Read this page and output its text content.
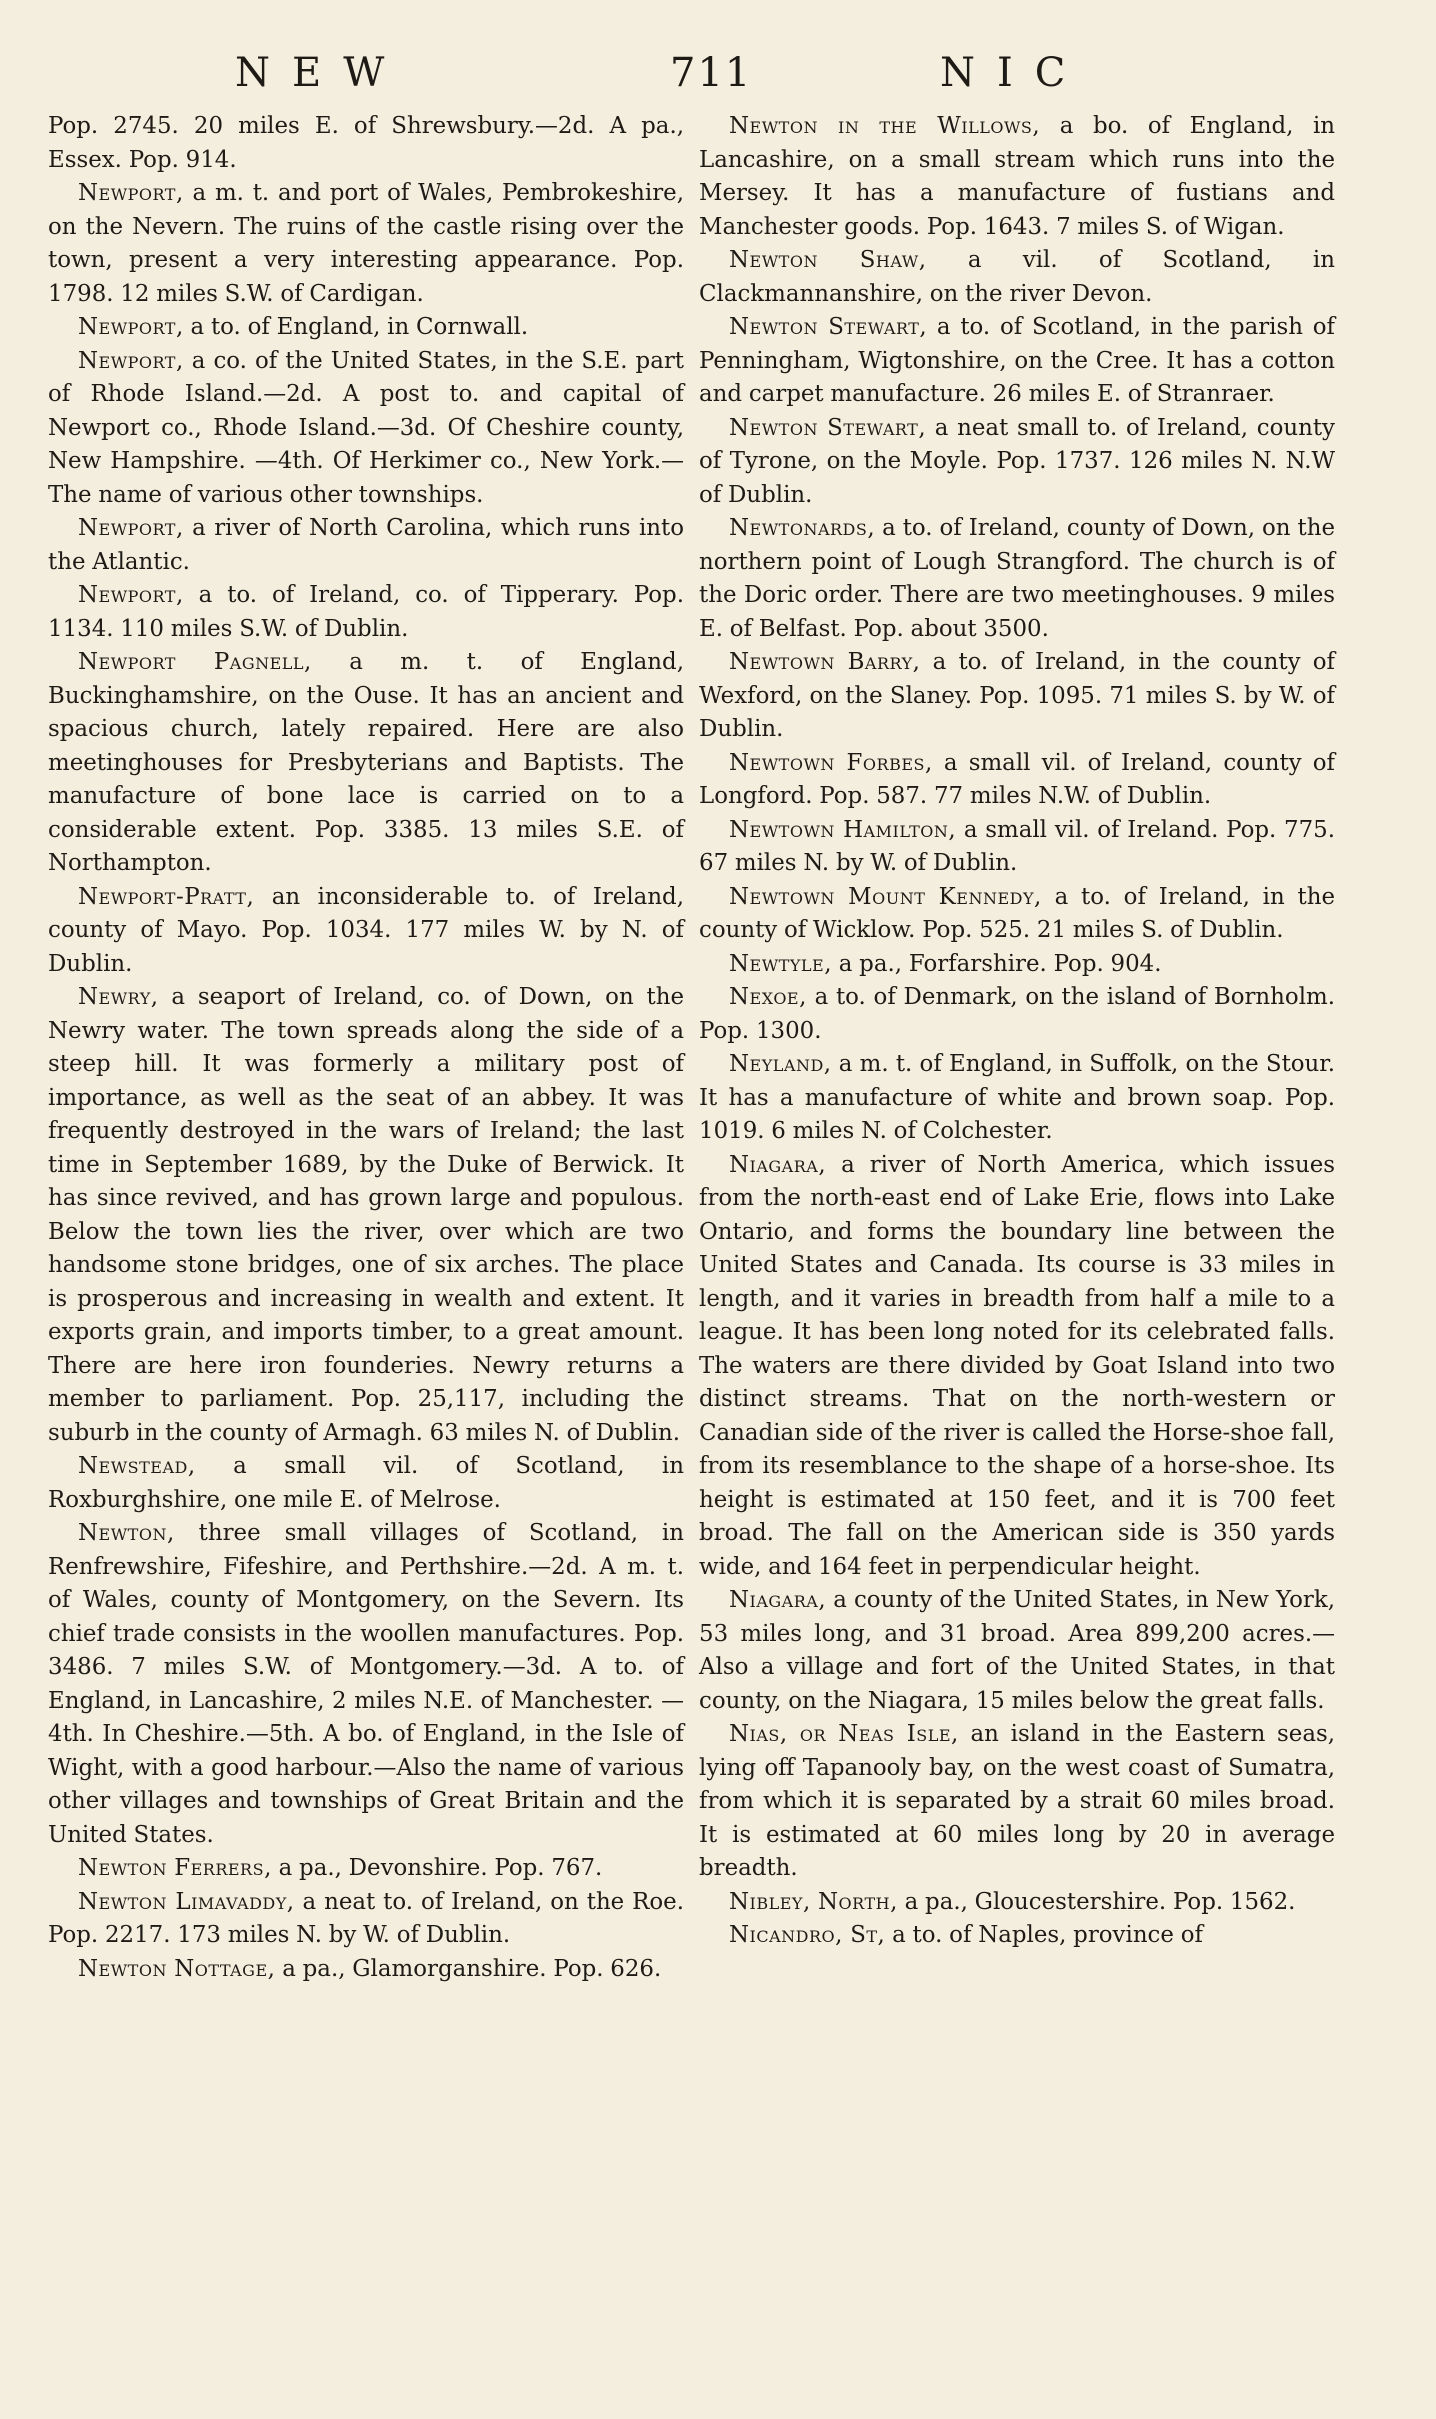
NEW	711	NIC

Pop. 2745. 20 miles E. of Shrewsbury.—2d. A pa., Essex. Pop. 914.

Newport, a m. t. and port of Wales, Pembrokeshire, on the Nevern. The ruins of the castle rising over the town, present a very interesting appearance. Pop. 1798. 12 miles S.W. of Cardigan.

Newport, a to. of England, in Cornwall.

Newport, a co. of the United States, in the S.E. part of Rhode Island.—2d. A post to. and capital of Newport co., Rhode Island.—3d. Of Cheshire county, New Hampshire. —4th. Of Herkimer co., New York.—The name of various other townships.

Newport, a river of North Carolina, which runs into the Atlantic.

Newport, a to. of Ireland, co. of Tipperary. Pop. 1134. 110 miles S.W. of Dublin.

Newport Pagnell, a m. t. of England, Buckinghamshire, on the Ouse. It has an ancient and spacious church, lately repaired. Here are also meetinghouses for Presbyterians and Baptists. The manufacture of bone lace is carried on to a considerable extent. Pop. 3385. 13 miles S.E. of Northampton.

Newport-Pratt, an inconsiderable to. of Ireland, county of Mayo. Pop. 1034. 177 miles W. by N. of Dublin.

Newry, a seaport of Ireland, co. of Down, on the Newry water. The town spreads along the side of a steep hill. It was formerly a military post of importance, as well as the seat of an abbey. It was frequently destroyed in the wars of Ireland; the last time in September 1689, by the Duke of Berwick. It has since revived, and has grown large and populous. Below the town lies the river, over which are two handsome stone bridges, one of six arches. The place is prosperous and increasing in wealth and extent. It exports grain, and imports timber, to a great amount. There are here iron founderies. Newry returns a member to parliament. Pop. 25,117, including the suburb in the county of Armagh. 63 miles N. of Dublin.

Newstead, a small vil. of Scotland, in Roxburghshire, one mile E. of Melrose.

Newton, three small villages of Scotland, in Renfrewshire, Fifeshire, and Perthshire.—2d. A m. t. of Wales, county of Montgomery, on the Severn. Its chief trade consists in the woollen manufactures. Pop. 3486. 7 miles S.W. of Montgomery.—3d. A to. of England, in Lancashire, 2 miles N.E. of Manchester. —4th. In Cheshire.—5th. A bo. of England, in the Isle of Wight, with a good harbour.—Also the name of various other villages and townships of Great Britain and the United States.

Newton Ferrers, a pa., Devonshire. Pop. 767.

Newton Limavaddy, a neat to. of Ireland, on the Roe. Pop. 2217. 173 miles N. by W. of Dublin.

Newton Nottage, a pa., Glamorganshire. Pop. 626.

Newton in the Willows, a bo. of England, in Lancashire, on a small stream which runs into the Mersey. It has a manufacture of fustians and Manchester goods. Pop. 1643. 7 miles S. of Wigan.

Newton Shaw, a vil. of Scotland, in Clackmannanshire, on the river Devon.

Newton Stewart, a to. of Scotland, in the parish of Penningham, Wigtonshire, on the Cree. It has a cotton and carpet manufacture. 26 miles E. of Stranraer.

Newton Stewart, a neat small to. of Ireland, county of Tyrone, on the Moyle. Pop. 1737. 126 miles N. N.W of Dublin.

Newtonards, a to. of Ireland, county of Down, on the northern point of Lough Strangford. The church is of the Doric order. There are two meetinghouses. 9 miles E. of Belfast. Pop. about 3500.

Newtown Barry, a to. of Ireland, in the county of Wexford, on the Slaney. Pop. 1095. 71 miles S. by W. of Dublin.

Newtown Forbes, a small vil. of Ireland, county of Longford. Pop. 587. 77 miles N.W. of Dublin.

Newtown Hamilton, a small vil. of Ireland. Pop. 775. 67 miles N. by W. of Dublin.

Newtown Mount Kennedy, a to. of Ireland, in the county of Wicklow. Pop. 525. 21 miles S. of Dublin.

Newtyle, a pa., Forfarshire. Pop. 904.

Nexoe, a to. of Denmark, on the island of Bornholm. Pop. 1300.

Neyland, a m. t. of England, in Suffolk, on the Stour. It has a manufacture of white and brown soap. Pop. 1019. 6 miles N. of Colchester.

Niagara, a river of North America, which issues from the north-east end of Lake Erie, flows into Lake Ontario, and forms the boundary line between the United States and Canada. Its course is 33 miles in length, and it varies in breadth from half a mile to a league. It has been long noted for its celebrated falls. The waters are there divided by Goat Island into two distinct streams. That on the north-western or Canadian side of the river is called the Horse-shoe fall, from its resemblance to the shape of a horse-shoe. Its height is estimated at 150 feet, and it is 700 feet broad. The fall on the American side is 350 yards wide, and 164 feet in perpendicular height.

Niagara, a county of the United States, in New York, 53 miles long, and 31 broad. Area 899,200 acres.—Also a village and fort of the United States, in that county, on the Niagara, 15 miles below the great falls.

Nias, or Neas Isle, an island in the Eastern seas, lying off Tapanooly bay, on the west coast of Sumatra, from which it is separated by a strait 60 miles broad. It is estimated at 60 miles long by 20 in average breadth.

Nibley, North, a pa., Gloucestershire. Pop. 1562.

Nicandro, St, a to. of Naples, province of
